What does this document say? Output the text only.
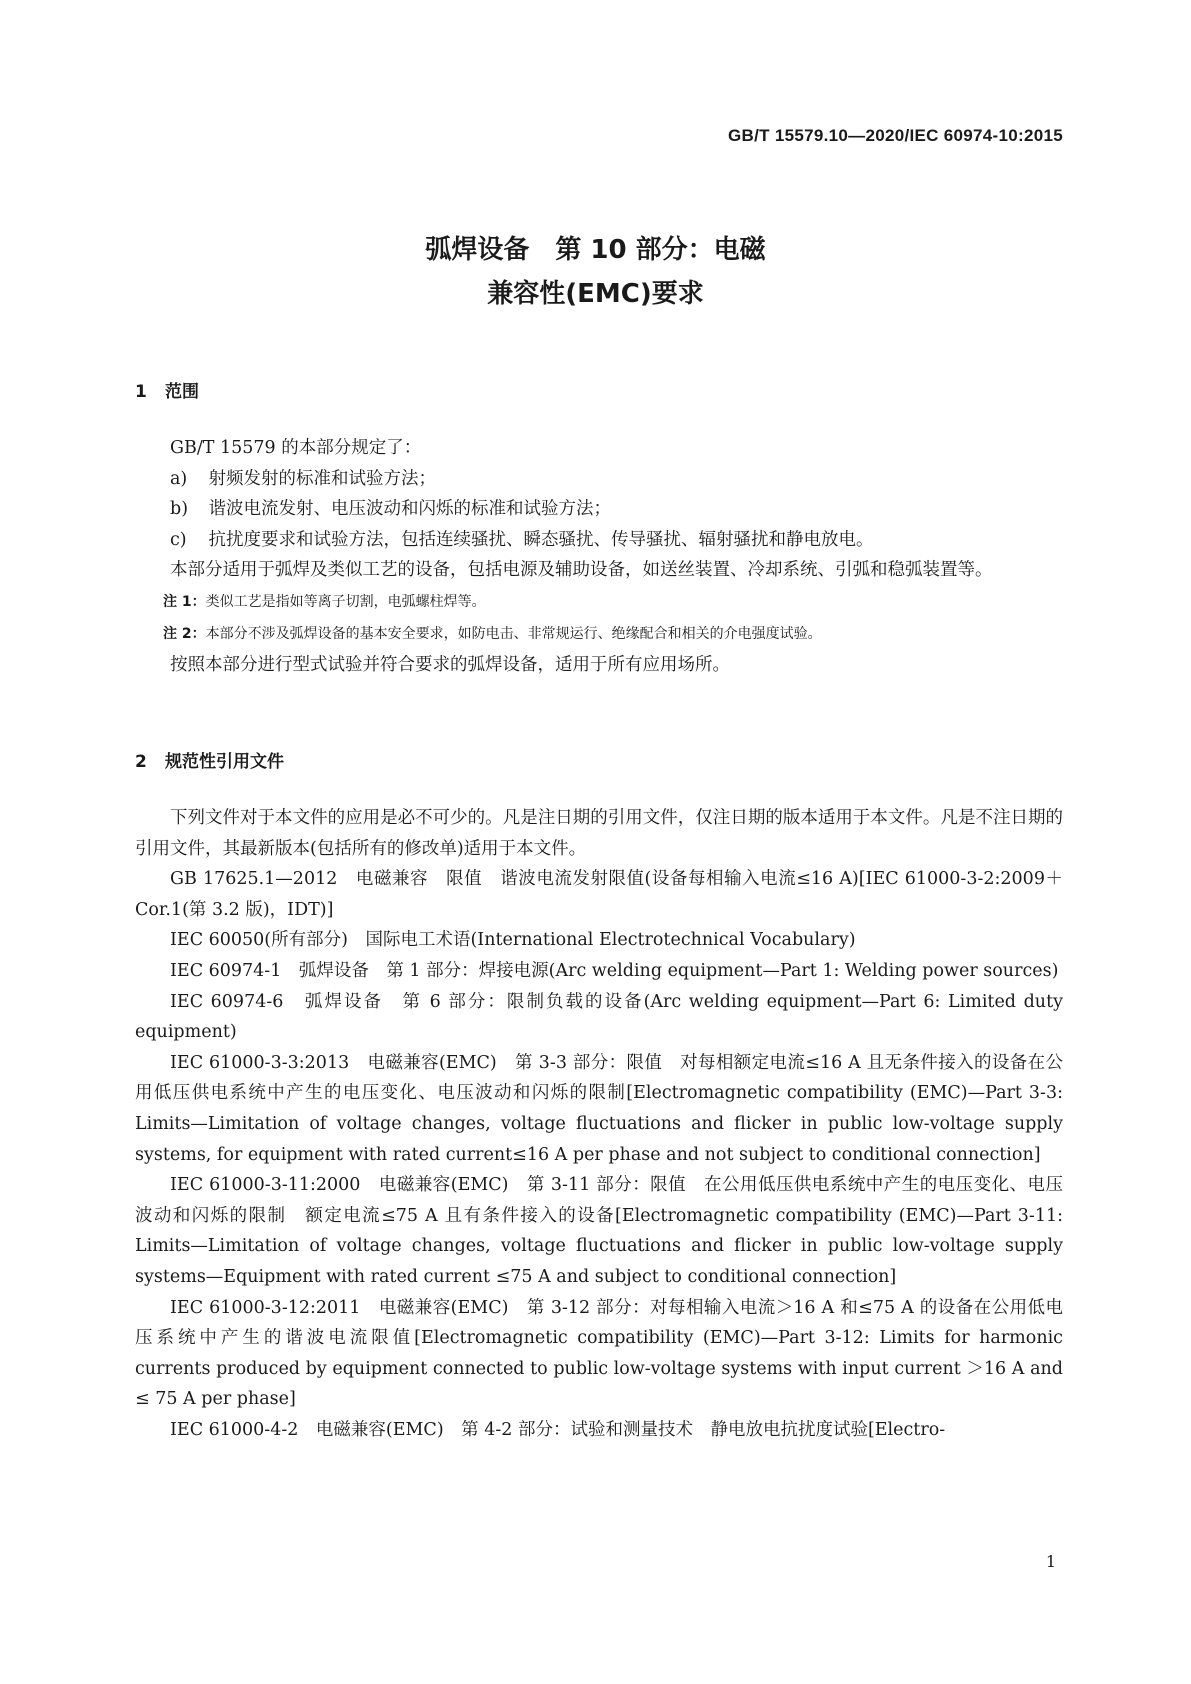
GB/T 15579.10—2020/IEC 60974-10:2015
弧焊设备　第 10 部分：电磁
兼容性(EMC)要求
1 范围

GB/T 15579 的本部分规定了：

a) 射频发射的标准和试验方法；

b) 谐波电流发射、电压波动和闪烁的标准和试验方法；

c) 抗扰度要求和试验方法，包括连续骚扰、瞬态骚扰、传导骚扰、辐射骚扰和静电放电。

本部分适用于弧焊及类似工艺的设备，包括电源及辅助设备，如送丝装置、冷却系统、引弧和稳弧装置等。

注 1：类似工艺是指如等离子切割，电弧螺柱焊等。

注 2：本部分不涉及弧焊设备的基本安全要求，如防电击、非常规运行、绝缘配合和相关的介电强度试验。

按照本部分进行型式试验并符合要求的弧焊设备，适用于所有应用场所。

2 规范性引用文件

下列文件对于本文件的应用是必不可少的。凡是注日期的引用文件，仅注日期的版本适用于本文件。凡是不注日期的引用文件，其最新版本(包括所有的修改单)适用于本文件。

GB 17625.1—2012　电磁兼容　限值　谐波电流发射限值(设备每相输入电流≤16 A)[IEC 61000-3-2:2009＋Cor.1(第 3.2 版)，IDT)]

IEC 60050(所有部分)　国际电工术语(International Electrotechnical Vocabulary)

IEC 60974-1　弧焊设备　第 1 部分：焊接电源(Arc welding equipment—Part 1: Welding power sources)

IEC 60974-6　弧焊设备　第 6 部分：限制负载的设备(Arc welding equipment—Part 6: Limited duty equipment)

IEC 61000-3-3:2013　电磁兼容(EMC)　第 3-3 部分：限值　对每相额定电流≤16 A 且无条件接入的设备在公用低压供电系统中产生的电压变化、电压波动和闪烁的限制[Electromagnetic compatibility (EMC)—Part 3-3: Limits—Limitation of voltage changes, voltage fluctuations and flicker in public low-voltage supply systems, for equipment with rated current≤16 A per phase and not subject to conditional connection]

IEC 61000-3-11:2000　电磁兼容(EMC)　第 3-11 部分：限值　在公用低压供电系统中产生的电压变化、电压波动和闪烁的限制　额定电流≤75 A 且有条件接入的设备[Electromagnetic compatibility (EMC)—Part 3-11: Limits—Limitation of voltage changes, voltage fluctuations and flicker in public low-voltage supply systems—Equipment with rated current ≤75 A and subject to conditional connection]

IEC 61000-3-12:2011　电磁兼容(EMC)　第 3-12 部分：对每相输入电流＞16 A 和≤75 A 的设备在公用低电压系统中产生的谐波电流限值[Electromagnetic compatibility (EMC)—Part 3-12: Limits for harmonic currents produced by equipment connected to public low-voltage systems with input current ＞16 A and ≤ 75 A per phase]

IEC 61000-4-2　电磁兼容(EMC)　第 4-2 部分：试验和测量技术　静电放电抗扰度试验[Electro-

1
